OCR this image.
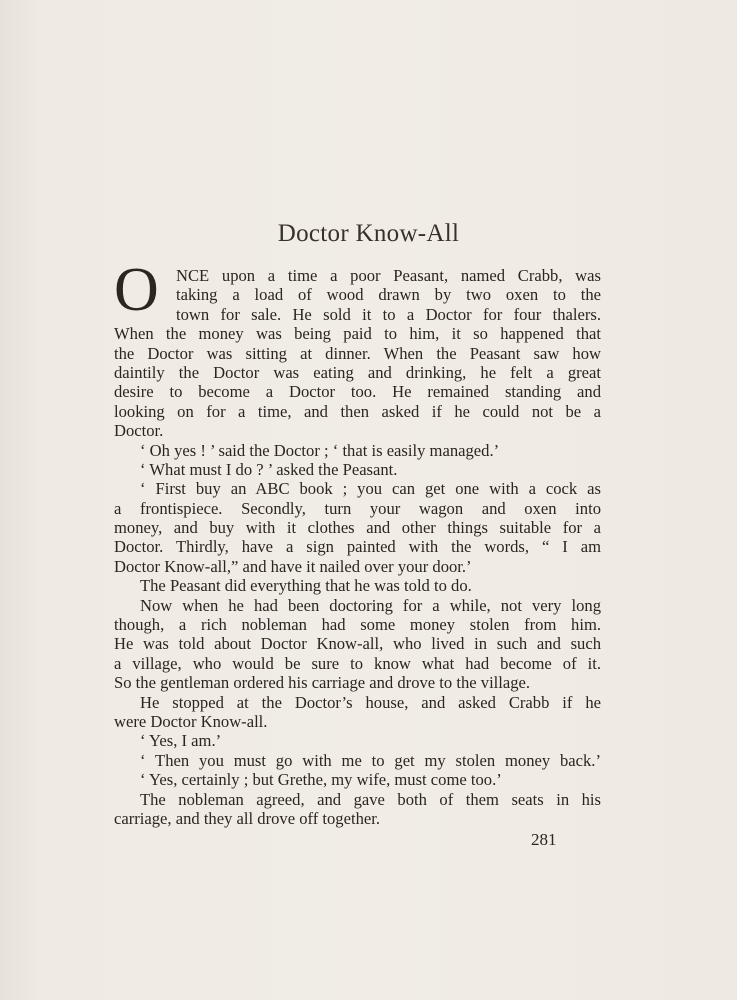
Doctor Know-All
O	NCE upon a time a poor Peasant, named Crabb, was
taking a load of wood drawn by two oxen to the
town for sale. He sold it to a Doctor for four thalers.
When the money was being paid to him, it so happened that
the Doctor was sitting at dinner. When the Peasant saw how
daintily the Doctor was eating and drinking, he felt a great
desire to become a Doctor too. He remained standing and
looking on for a time, and then asked if he could not be a
Doctor.
‘ Oh yes ! ’ said the Doctor ; ‘ that is easily managed.’
‘ What must I do ? ’ asked the Peasant.
‘ First buy an ABC book ; you can get one with a cock as
a frontispiece. Secondly, turn your wagon and oxen into
money, and buy with it clothes and other things suitable for a
Doctor. Thirdly, have a sign painted with the words, “ I am
Doctor Know-all,” and have it nailed over your door.’
The Peasant did everything that he was told to do.
Now when he had been doctoring for a while, not very long
though, a rich nobleman had some money stolen from him.
He was told about Doctor Know-all, who lived in such and such
a village, who would be sure to know what had become of it.
So the gentleman ordered his carriage and drove to the village.
He stopped at the Doctor’s house, and asked Crabb if he
were Doctor Know-all.
‘ Yes, I am.’
‘ Then you must go with me to get my stolen money back.’
‘ Yes, certainly ; but Grethe, my wife, must come too.’
The nobleman agreed, and gave both of them seats in his
carriage, and they all drove off together.
281
